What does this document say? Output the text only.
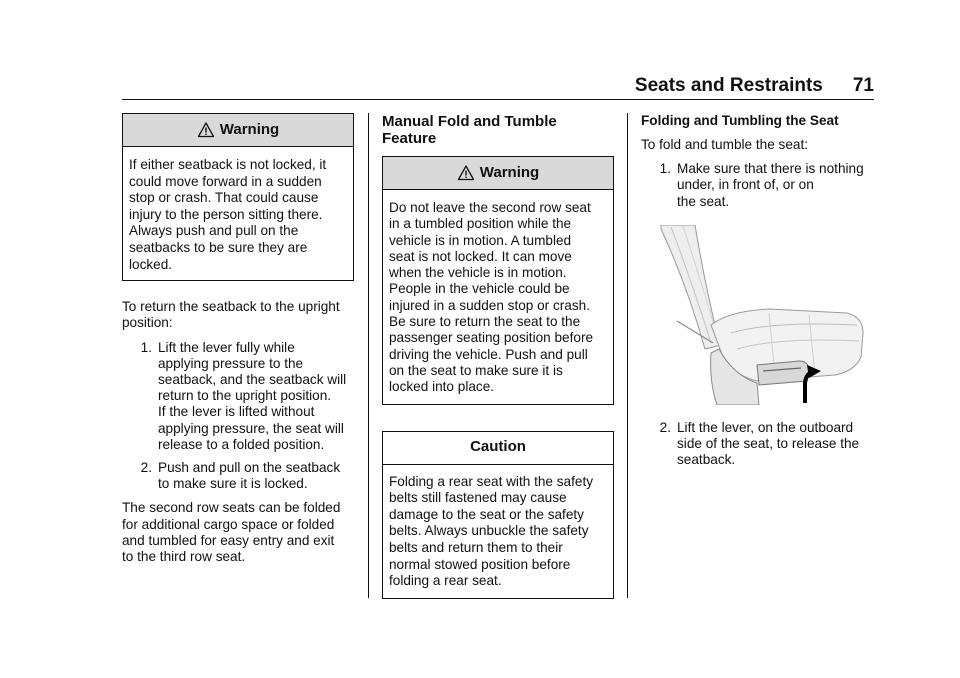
Seats and Restraints 71
Warning
If either seatback is not locked, it
could move forward in a sudden
stop or crash. That could cause
injury to the person sitting there.
Always push and pull on the
seatbacks to be sure they are
locked.

To return the seatback to the upright
position:

1. Lift the lever fully while
applying pressure to the
seatback, and the seatback will
return to the upright position.
If the lever is lifted without
applying pressure, the seat will
release to a folded position.
2. Push and pull on the seatback
to make sure it is locked.

The second row seats can be folded
for additional cargo space or folded
and tumbled for easy entry and exit
to the third row seat.

Manual Fold and Tumble
Feature
Warning
Do not leave the second row seat
in a tumbled position while the
vehicle is in motion. A tumbled
seat is not locked. It can move
when the vehicle is in motion.
People in the vehicle could be
injured in a sudden stop or crash.
Be sure to return the seat to the
passenger seating position before
driving the vehicle. Push and pull
on the seat to make sure it is
locked into place.
Caution
Folding a rear seat with the safety
belts still fastened may cause
damage to the seat or the safety
belts. Always unbuckle the safety
belts and return them to their
normal stowed position before
folding a rear seat.
Folding and Tumbling the Seat

To fold and tumble the seat:

1. Make sure that there is nothing
under, in front of, or on
the seat.
2. Lift the lever, on the outboard
side of the seat, to release the
seatback.
